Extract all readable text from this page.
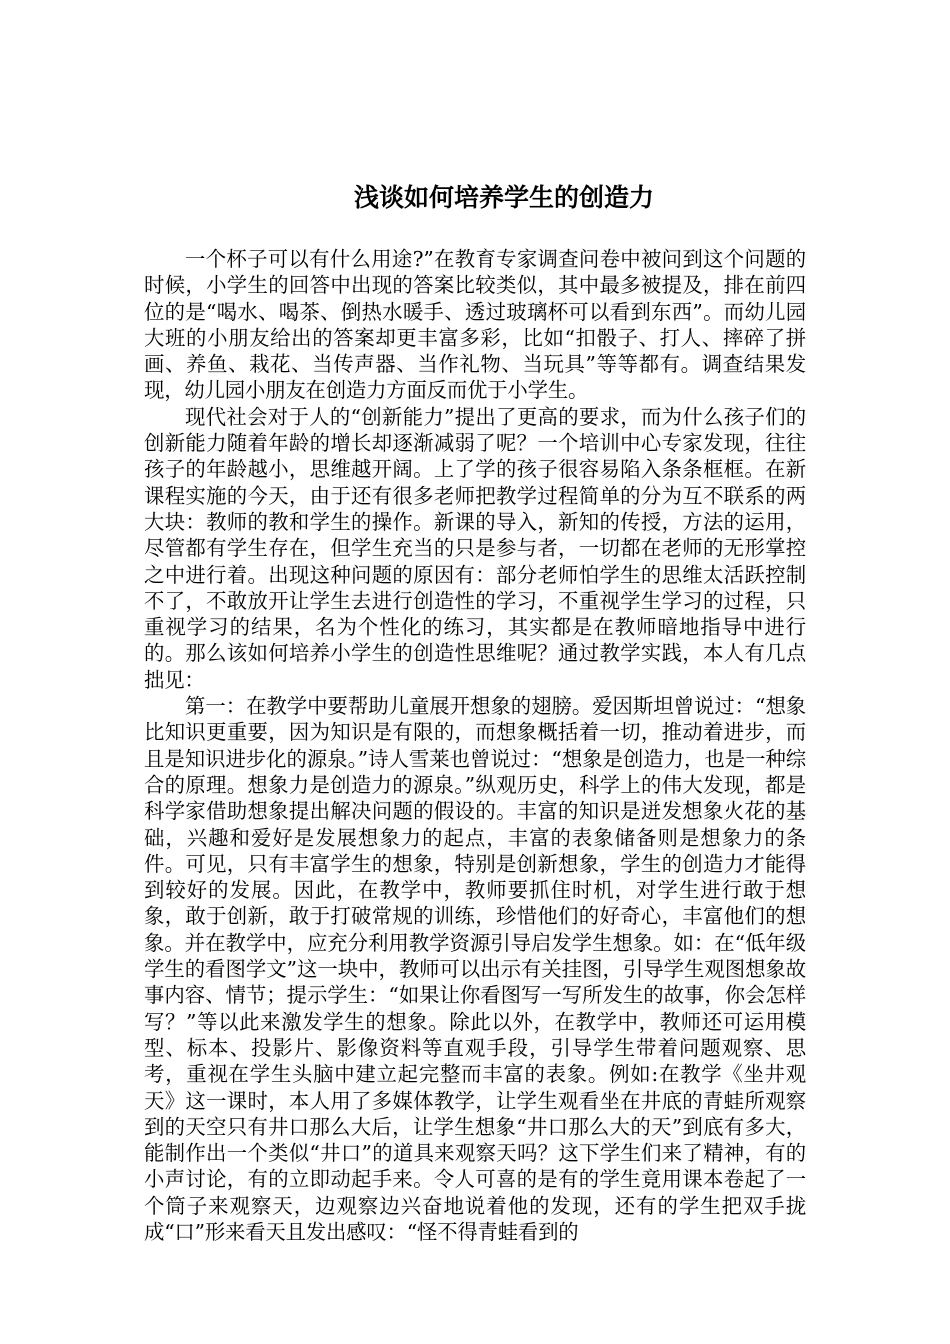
浅谈如何培养学生的创造力

一个杯子可以有什么用途?”在教育专家调查问卷中被问到这个问题的时候，小学生的回答中出现的答案比较类似，其中最多被提及，排在前四位的是“喝水、喝茶、倒热水暖手、透过玻璃杯可以看到东西”。而幼儿园大班的小朋友给出的答案却更丰富多彩，比如“扣骰子、打人、摔碎了拼画、养鱼、栽花、当传声器、当作礼物、当玩具”等等都有。调查结果发现，幼儿园小朋友在创造力方面反而优于小学生。

现代社会对于人的“创新能力”提出了更高的要求，而为什么孩子们的创新能力随着年龄的增长却逐渐减弱了呢？一个培训中心专家发现，往往孩子的年龄越小，思维越开阔。上了学的孩子很容易陷入条条框框。在新课程实施的今天，由于还有很多老师把教学过程简单的分为互不联系的两大块：教师的教和学生的操作。新课的导入，新知的传授，方法的运用，尽管都有学生存在，但学生充当的只是参与者，一切都在老师的无形掌控之中进行着。出现这种问题的原因有：部分老师怕学生的思维太活跃控制不了，不敢放开让学生去进行创造性的学习，不重视学生学习的过程，只重视学习的结果，名为个性化的练习，其实都是在教师暗地指导中进行的。那么该如何培养小学生的创造性思维呢？通过教学实践，本人有几点拙见：

第一：在教学中要帮助儿童展开想象的翅膀。爱因斯坦曾说过：“想象比知识更重要，因为知识是有限的，而想象概括着一切，推动着进步，而且是知识进步化的源泉。”诗人雪莱也曾说过：“想象是创造力，也是一种综合的原理。想象力是创造力的源泉。”纵观历史，科学上的伟大发现，都是科学家借助想象提出解决问题的假设的。丰富的知识是迸发想象火花的基础，兴趣和爱好是发展想象力的起点，丰富的表象储备则是想象力的条件。可见，只有丰富学生的想象，特别是创新想象，学生的创造力才能得到较好的发展。因此，在教学中，教师要抓住时机，对学生进行敢于想象，敢于创新，敢于打破常规的训练，珍惜他们的好奇心，丰富他们的想象。并在教学中，应充分利用教学资源引导启发学生想象。如：在“低年级学生的看图学文”这一块中，教师可以出示有关挂图，引导学生观图想象故事内容、情节；提示学生：“如果让你看图写一写所发生的故事，你会怎样写？”等以此来激发学生的想象。除此以外，在教学中，教师还可运用模型、标本、投影片、影像资料等直观手段，引导学生带着问题观察、思考，重视在学生头脑中建立起完整而丰富的表象。例如:在教学《坐井观天》这一课时，本人用了多媒体教学，让学生观看坐在井底的青蛙所观察到的天空只有井口那么大后，让学生想象“井口那么大的天”到底有多大，能制作出一个类似“井口”的道具来观察天吗？这下学生们来了精神，有的小声讨论，有的立即动起手来。令人可喜的是有的学生竟用课本卷起了一个筒子来观察天，边观察边兴奋地说着他的发现，还有的学生把双手拢成“口”形来看天且发出感叹：“怪不得青蛙看到的
